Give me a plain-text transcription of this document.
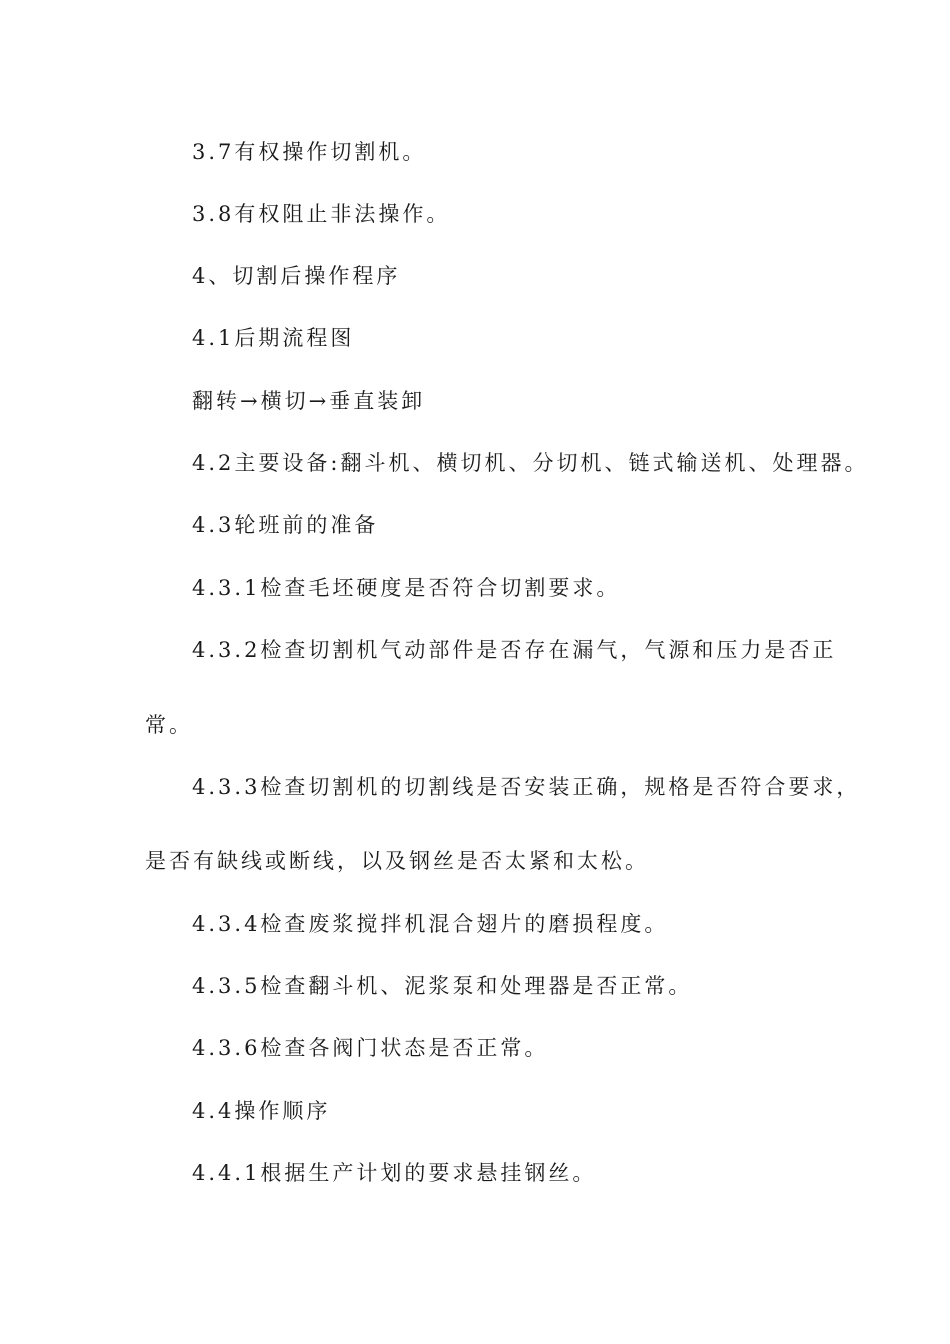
3.7有权操作切割机。
3.8有权阻止非法操作。
4、切割后操作程序
4.1后期流程图
翻转→横切→垂直装卸
4.2主要设备:翻斗机、横切机、分切机、链式输送机、处理器。
4.3轮班前的准备
4.3.1检查毛坯硬度是否符合切割要求。
4.3.2检查切割机气动部件是否存在漏气，气源和压力是否正
常。
4.3.3检查切割机的切割线是否安装正确，规格是否符合要求，
是否有缺线或断线，以及钢丝是否太紧和太松。
4.3.4检查废浆搅拌机混合翅片的磨损程度。
4.3.5检查翻斗机、泥浆泵和处理器是否正常。
4.3.6检查各阀门状态是否正常。
4.4操作顺序
4.4.1根据生产计划的要求悬挂钢丝。
